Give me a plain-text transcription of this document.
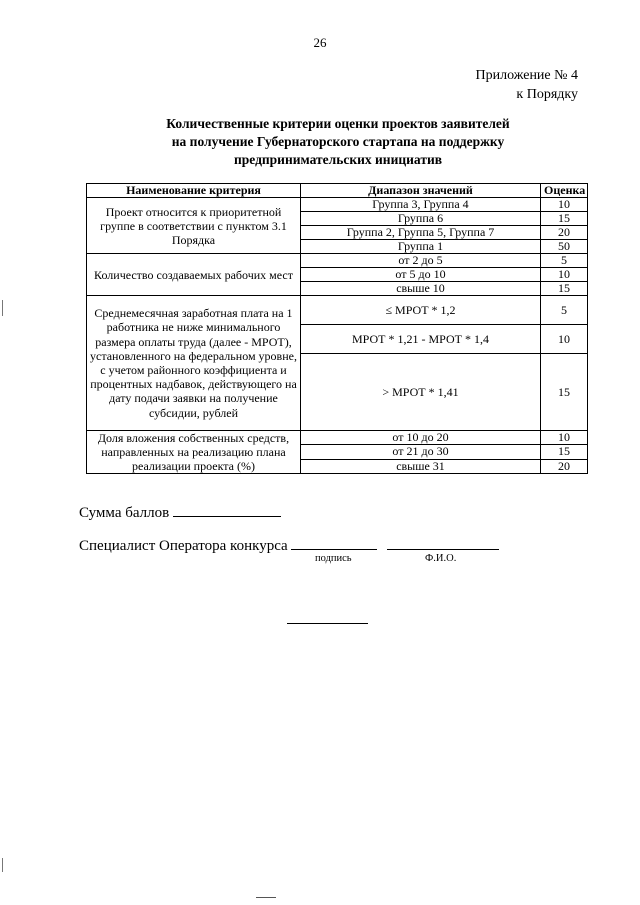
26
Приложение № 4
к Порядку
Количественные критерии оценки проектов заявителей
на получение Губернаторского стартапа на поддержку
предпринимательских инициатив
Наименование критерия	Диапазон значений	Оценка
Проект относится к приоритетной группе в соответствии с пунктом 3.1 Порядка	Группа 3, Группа 4	10
	Группа 6	15
	Группа 2, Группа 5, Группа 7	20
	Группа 1	50
Количество создаваемых рабочих мест	от 2 до 5	5
	от 5 до 10	10
	свыше 10	15
Среднемесячная заработная плата на 1 работника не ниже минимального размера оплаты труда (далее - МРОТ), установленного на федеральном уровне, с учетом районного коэффициента и процентных надбавок, действующего на дату подачи заявки на получение субсидии, рублей	≤ МРОТ * 1,2	5
	МРОТ * 1,21 - МРОТ * 1,4	10
	> МРОТ * 1,41	15
Доля вложения собственных средств, направленных на реализацию плана реализации проекта (%)	от 10 до 20	10
	от 21 до 30	15
	свыше 31	20
Сумма баллов
Специалист Оператора конкурса
подпись	Ф.И.О.
